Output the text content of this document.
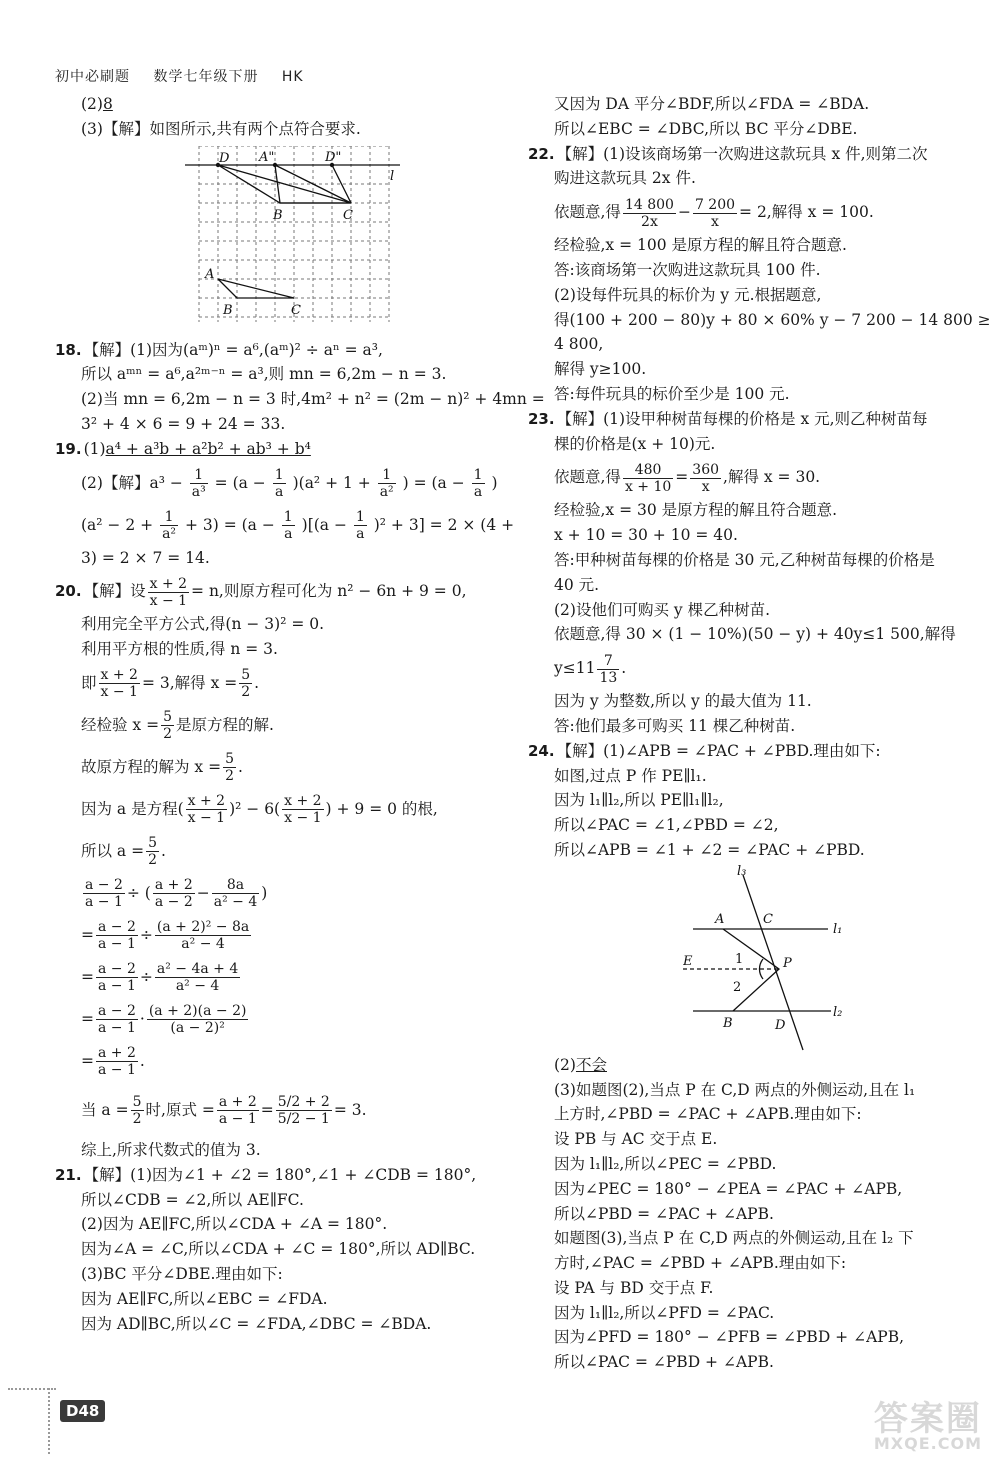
初中必刷题 数学七年级下册 HK
(2)8
(3)【解】如图所示,共有两个点符合要求.
D A"	D"
l
B	C
A
B	C
18. 【解】(1)因为(aᵐ)ⁿ = a⁶,(aᵐ)² ÷ aⁿ = a³,
所以 aᵐⁿ = a⁶,a²ᵐ⁻ⁿ = a³,则 mn = 6,2m − n = 3.
(2)当 mn = 6,2m − n = 3 时,4m² + n² = (2m − n)² + 4mn =
3² + 4 × 6 = 9 + 24 = 33.
19. (1)a⁴ + a³b + a²b² + ab³ + b⁴
(2)【解】$a^3 - \frac{1}{\text{a³}} = (a - \frac{1}{a} )(a^2 + 1 + \frac{1}{\text{a²}}$ ) = ($a - \frac{1}{a}$ )
$(a^2 - 2 + \frac{1}{\text{a²}} + 3) = (a - \frac{1}{a} )[(a - \frac{1}{a} )^2 + 3] = 2 \times (4$ +
3) = 2 × 7 = 14.
20. 【解】设 $\frac{x + 2}{x - 1} = n$,则原方程可化为 n² − 6n + 9 = 0,
利用完全平方公式,得(n − 3)² = 0.
利用平方根的性质,得 n = 3.
即 $\frac{x + 2}{x - 1} = 3$,解得 $x = \frac{5}{2}$ .
经检验 $x = \frac{5}{2}$ 是原方程的解.
故原方程的解为 $x = \frac{5}{2}$ .
因为 a 是方程( $\frac{x + 2}{x - 1} )^2 - 6( \frac{x + 2}{x - 1}$ ) + 9 = 0 的根,
所以 $a = \frac{5}{2}$ .
$\frac{a - 2}{a - 1}$ ÷ ( $\frac{a + 2}{a - 2} - \frac{8a}{\text{a² − 4}}$ )
= $\frac{a - 2}{a - 1} \div \frac{\text{(a + 2)² − 8a}}{\text{a² − 4}}$
= $\frac{a - 2}{a - 1} \div \frac{\text{a² − 4a + 4}}{\text{a² − 4}}$
= $\frac{a - 2}{a - 1} \cdot \frac{(a + 2)(a - 2)}{\text{(a − 2)²}}$
= $\frac{a + 2}{a - 1}$ .
当 $a = \frac{5}{2}$ 时,原式 = $\frac{a + 2}{a - 1} = \frac{5/2 + 2}{5/2 - 1} = 3$.
综上,所求代数式的值为 3.
21. 【解】(1)因为∠1 + ∠2 = 180°,∠1 + ∠CDB = 180°,
所以∠CDB = ∠2,所以 AE∥FC.
(2)因为 AE∥FC,所以∠CDA + ∠A = 180°.
因为∠A = ∠C,所以∠CDA + ∠C = 180°,所以 AD∥BC.
(3)BC 平分∠DBE.理由如下:
因为 AE∥FC,所以∠EBC = ∠FDA.
因为 AD∥BC,所以∠C = ∠FDA,∠DBC = ∠BDA.
又因为 DA 平分∠BDF,所以∠FDA = ∠BDA.
所以∠EBC = ∠DBC,所以 BC 平分∠DBE.
22. 【解】(1)设该商场第一次购进这款玩具 x 件,则第二次
购进这款玩具 2x 件.
依题意,得 $\frac{14 800}{2x} - \frac{7 200}{x} = 2$,解得 x = 100.
经检验,x = 100 是原方程的解且符合题意.
答:该商场第一次购进这款玩具 100 件.
(2)设每件玩具的标价为 y 元.根据题意,
得(100 + 200 − 80)y + 80 × 60% y − 7 200 − 14 800 ≥
4 800,
解得 y≥100.
答:每件玩具的标价至少是 100 元.
23. 【解】(1)设甲种树苗每棵的价格是 x 元,则乙种树苗每
棵的价格是(x + 10)元.
依题意,得 $\frac{480}{x + 10} = \frac{360}{x}$ ,解得 x = 30.
经检验,x = 30 是原方程的解且符合题意.
x + 10 = 30 + 10 = 40.
答:甲种树苗每棵的价格是 30 元,乙种树苗每棵的价格是
40 元.
(2)设他们可购买 y 棵乙种树苗.
依题意,得 30 × (1 − 10%)(50 − y) + 40y≤1 500,解得
$y\le 11 \frac{7}{13}$ .
因为 y 为整数,所以 y 的最大值为 11.
答:他们最多可购买 11 棵乙种树苗.
24. 【解】(1)∠APB = ∠PAC + ∠PBD.理由如下:
如图,过点 P 作 PE∥l₁.
因为 l₁∥l₂,所以 PE∥l₁∥l₂,
所以∠PAC = ∠1,∠PBD = ∠2,
所以∠APB = ∠1 + ∠2 = ∠PAC + ∠PBD.
l₃
A	C
l₁
E	1	P
2
B	D
l₂
(2)不会
(3)如题图(2),当点 P 在 C,D 两点的外侧运动,且在 l₁
上方时,∠PBD = ∠PAC + ∠APB.理由如下:
设 PB 与 AC 交于点 E.
因为 l₁∥l₂,所以∠PEC = ∠PBD.
因为∠PEC = 180° − ∠PEA = ∠PAC + ∠APB,
所以∠PBD = ∠PAC + ∠APB.
如题图(3),当点 P 在 C,D 两点的外侧运动,且在 l₂ 下
方时,∠PAC = ∠PBD + ∠APB.理由如下:
设 PA 与 BD 交于点 F.
因为 l₁∥l₂,所以∠PFD = ∠PAC.
因为∠PFD = 180° − ∠PFB = ∠PBD + ∠APB,
所以∠PAC = ∠PBD + ∠APB.
D48	答案圈
MXQE.COM
